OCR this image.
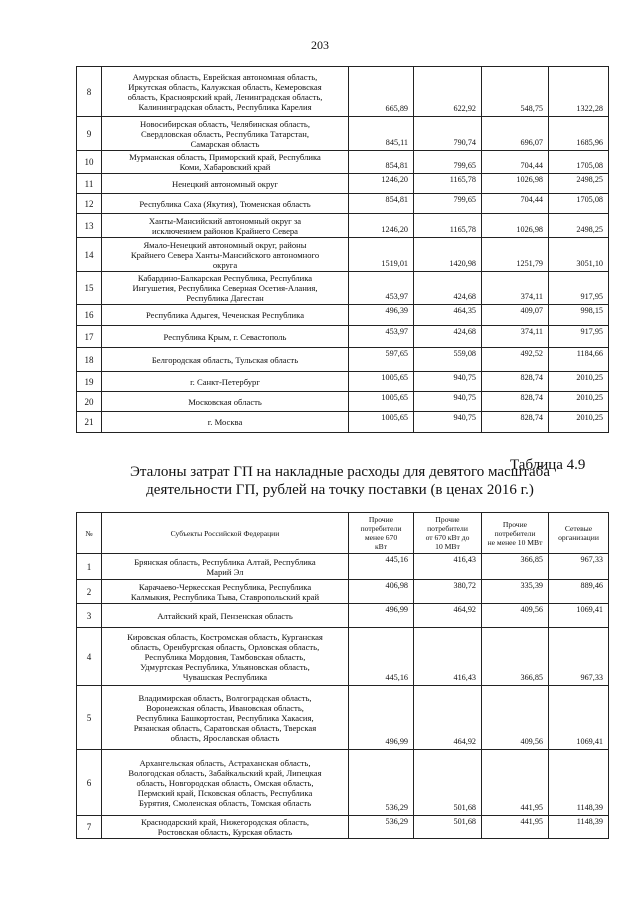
203
8	Амурская область, Еврейская автономная область,
Иркутская область, Калужская область, Кемеровская
область, Красноярский край, Ленинградская область,
Калининградская область, Республика Карелия	665,89	622,92	548,75	1322,28
9	Новосибирская область, Челябинская область,
Свердловская область, Республика Татарстан,
Самарская область	845,11	790,74	696,07	1685,96
10	Мурманская область, Приморский край, Республика
Коми, Хабаровский край	854,81	799,65	704,44	1705,08
11	Ненецкий автономный округ	1246,20	1165,78	1026,98	2498,25
12	Республика Саха (Якутия), Тюменская область	854,81	799,65	704,44	1705,08
13	Ханты-Мансийский автономный округ за
исключением районов Крайнего Севера	1246,20	1165,78	1026,98	2498,25
14	Ямало-Ненецкий автономный округ, районы
Крайнего Севера Ханты-Мансийского автономного
округа	1519,01	1420,98	1251,79	3051,10
15	Кабардино-Балкарская Республика, Республика
Ингушетия, Республика Северная Осетия-Алания,
Республика Дагестан	453,97	424,68	374,11	917,95
16	Республика Адыгея, Чеченская Республика	496,39	464,35	409,07	998,15
17	Республика Крым, г. Севастополь	453,97	424,68	374,11	917,95
18	Белгородская область, Тульская область	597,65	559,08	492,52	1184,66
19	г. Санкт-Петербург	1005,65	940,75	828,74	2010,25
20	Московская область	1005,65	940,75	828,74	2010,25
21	г. Москва	1005,65	940,75	828,74	2010,25
Таблица 4.9
Эталоны затрат ГП на накладные расходы для девятого масштаба
деятельности ГП, рублей на точку поставки (в ценах 2016 г.)
№	Субъекты Российской Федерации	Прочие
потребители
менее 670
кВт	Прочие
потребители
от 670 кВт до
10 МВт	Прочие
потребители
не менее 10 МВт	Сетевые
организации
1	Брянская область, Республика Алтай, Республика
Марий Эл	445,16	416,43	366,85	967,33
2	Карачаево-Черкесская Республика, Республика
Калмыкия, Республика Тыва, Ставропольский край	406,98	380,72	335,39	889,46
3	Алтайский край, Пензенская область	496,99	464,92	409,56	1069,41
4	Кировская область, Костромская область, Курганская
область, Оренбургская область, Орловская область,
Республика Мордовия, Тамбовская область,
Удмуртская Республика, Ульяновская область,
Чувашская Республика	445,16	416,43	366,85	967,33
5	Владимирская область, Волгоградская область,
Воронежская область, Ивановская область,
Республика Башкортостан, Республика Хакасия,
Рязанская область, Саратовская область, Тверская
область, Ярославская область	496,99	464,92	409,56	1069,41
6	Архангельская область, Астраханская область,
Вологодская область, Забайкальский край, Липецкая
область, Новгородская область, Омская область,
Пермский край, Псковская область, Республика
Бурятия, Смоленская область, Томская область	536,29	501,68	441,95	1148,39
7	Краснодарский край, Нижегородская область,
Ростовская область, Курская область	536,29	501,68	441,95	1148,39
